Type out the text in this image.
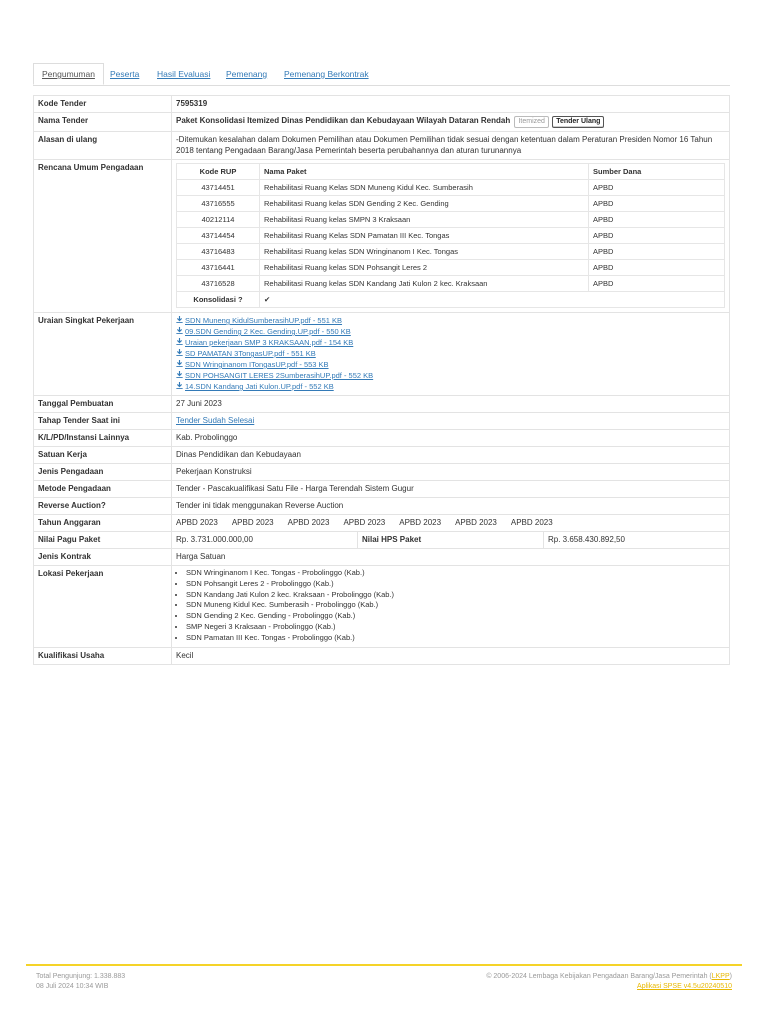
Pengumuman	Peserta Hasil Evaluasi Pemenang Pemenang Berkontrak
Kode Tender	7595319
Nama Tender	Paket Konsolidasi Itemized Dinas Pendidikan dan Kebudayaan Wilayah Dataran Rendah Itemized Tender Ulang
Alasan di ulang	-Ditemukan kesalahan dalam Dokumen Pemilihan atau Dokumen Pemilihan tidak sesuai dengan ketentuan dalam Peraturan Presiden Nomor 16 Tahun 2018 tentang Pengadaan Barang/Jasa Pemerintah beserta perubahannya dan aturan turunannya
Rencana Umum Pengadaan		Kode RUP	Nama Paket	Sumber Dana
43714451	Rehabilitasi Ruang Kelas SDN Muneng Kidul Kec. Sumberasih	APBD
43716555	Rehabilitasi Ruang kelas SDN Gending 2 Kec. Gending	APBD
40212114	Rehabilitasi Ruang kelas SMPN 3 Kraksaan	APBD
43714454	Rehabilitasi Ruang Kelas SDN Pamatan III Kec. Tongas	APBD
43716483	Rehabilitasi Ruang kelas SDN Wringinanom I Kec. Tongas	APBD
43716441	Rehabilitasi Ruang kelas SDN Pohsangit Leres 2	APBD
43716528	Rehabilitasi Ruang kelas SDN Kandang Jati Kulon 2 kec. Kraksaan	APBD
Konsolidasi ?	✔

Uraian Singkat Pekerjaan	SDN Muneng KidulSumberasihUP.pdf - 551 KB
09.SDN Gending 2 Kec. Gending.UP.pdf - 550 KB
Uraian pekerjaan SMP 3 KRAKSAAN.pdf - 154 KB
SD PAMATAN 3TongasUP.pdf - 551 KB
SDN Wringinanom ITongasUP.pdf - 553 KB
SDN POHSANGIT LERES 2SumberasihUP.pdf - 552 KB
14.SDN Kandang Jati Kulon.UP.pdf - 552 KB

Tanggal Pembuatan	27 Juni 2023
Tahap Tender Saat ini	Tender Sudah Selesai
K/L/PD/Instansi Lainnya	Kab. Probolinggo
Satuan Kerja	Dinas Pendidikan dan Kebudayaan
Jenis Pengadaan	Pekerjaan Konstruksi
Metode Pengadaan	Tender - Pascakualifikasi Satu File - Harga Terendah Sistem Gugur
Reverse Auction?	Tender ini tidak menggunakan Reverse Auction
Tahun Anggaran	APBD 2023 APBD 2023 APBD 2023 APBD 2023 APBD 2023 APBD 2023 APBD 2023
Nilai Pagu Paket	Rp. 3.731.000.000,00	Nilai HPS Paket	Rp. 3.658.430.892,50
Jenis Kontrak	Harga Satuan
Lokasi Pekerjaan	
•SDN Wringinanom I Kec. Tongas - Probolinggo (Kab.)
• SDN Pohsangit Leres 2 - Probolinggo (Kab.)
• SDN Kandang Jati Kulon 2 kec. Kraksaan - Probolinggo (Kab.)
• SDN Muneng Kidul Kec. Sumberasih - Probolinggo (Kab.)
• SDN Gending 2 Kec. Gending - Probolinggo (Kab.)
• SMP Negeri 3 Kraksaan - Probolinggo (Kab.)
• SDN Pamatan III Kec. Tongas - Probolinggo (Kab.)

Kualifikasi Usaha	Kecil
Total Pengunjung: 1.338.883
08 Juli 2024 10:34 WIB
© 2006-2024 Lembaga Kebijakan Pengadaan Barang/Jasa Pemerintah (LKPP)
Aplikasi SPSE v4.5u20240510
